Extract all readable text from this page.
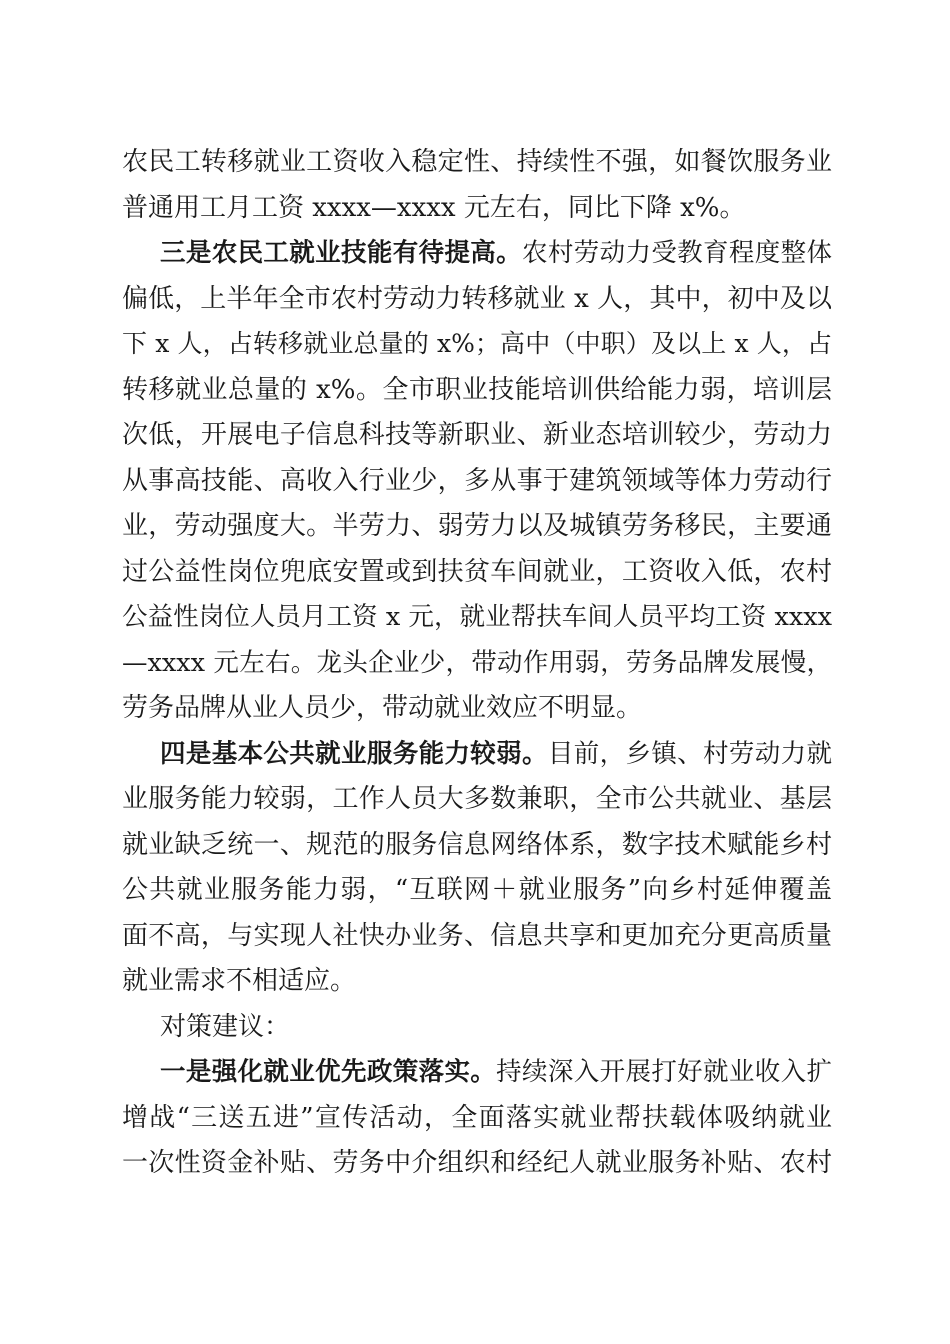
农民工转移就业工资收入稳定性、持续性不强，如餐饮服务业
普通用工月工资 xxxx—xxxx 元左右，同比下降 x%。
三是农民工就业技能有待提高。农村劳动力受教育程度整体
偏低，上半年全市农村劳动力转移就业 x 人，其中，初中及以
下 x 人，占转移就业总量的 x%；高中（中职）及以上 x 人，占
转移就业总量的 x%。全市职业技能培训供给能力弱，培训层
次低，开展电子信息科技等新职业、新业态培训较少，劳动力
从事高技能、高收入行业少，多从事于建筑领域等体力劳动行
业，劳动强度大。半劳力、弱劳力以及城镇劳务移民，主要通
过公益性岗位兜底安置或到扶贫车间就业，工资收入低，农村
公益性岗位人员月工资 x 元，就业帮扶车间人员平均工资 xxxx
—xxxx 元左右。龙头企业少，带动作用弱，劳务品牌发展慢，
劳务品牌从业人员少，带动就业效应不明显。
四是基本公共就业服务能力较弱。目前，乡镇、村劳动力就
业服务能力较弱，工作人员大多数兼职，全市公共就业、基层
就业缺乏统一、规范的服务信息网络体系，数字技术赋能乡村
公共就业服务能力弱，“互联网＋就业服务”向乡村延伸覆盖
面不高，与实现人社快办业务、信息共享和更加充分更高质量
就业需求不相适应。
对策建议：
一是强化就业优先政策落实。持续深入开展打好就业收入扩
增战“三送五进”宣传活动，全面落实就业帮扶载体吸纳就业
一次性资金补贴、劳务中介组织和经纪人就业服务补贴、农村
